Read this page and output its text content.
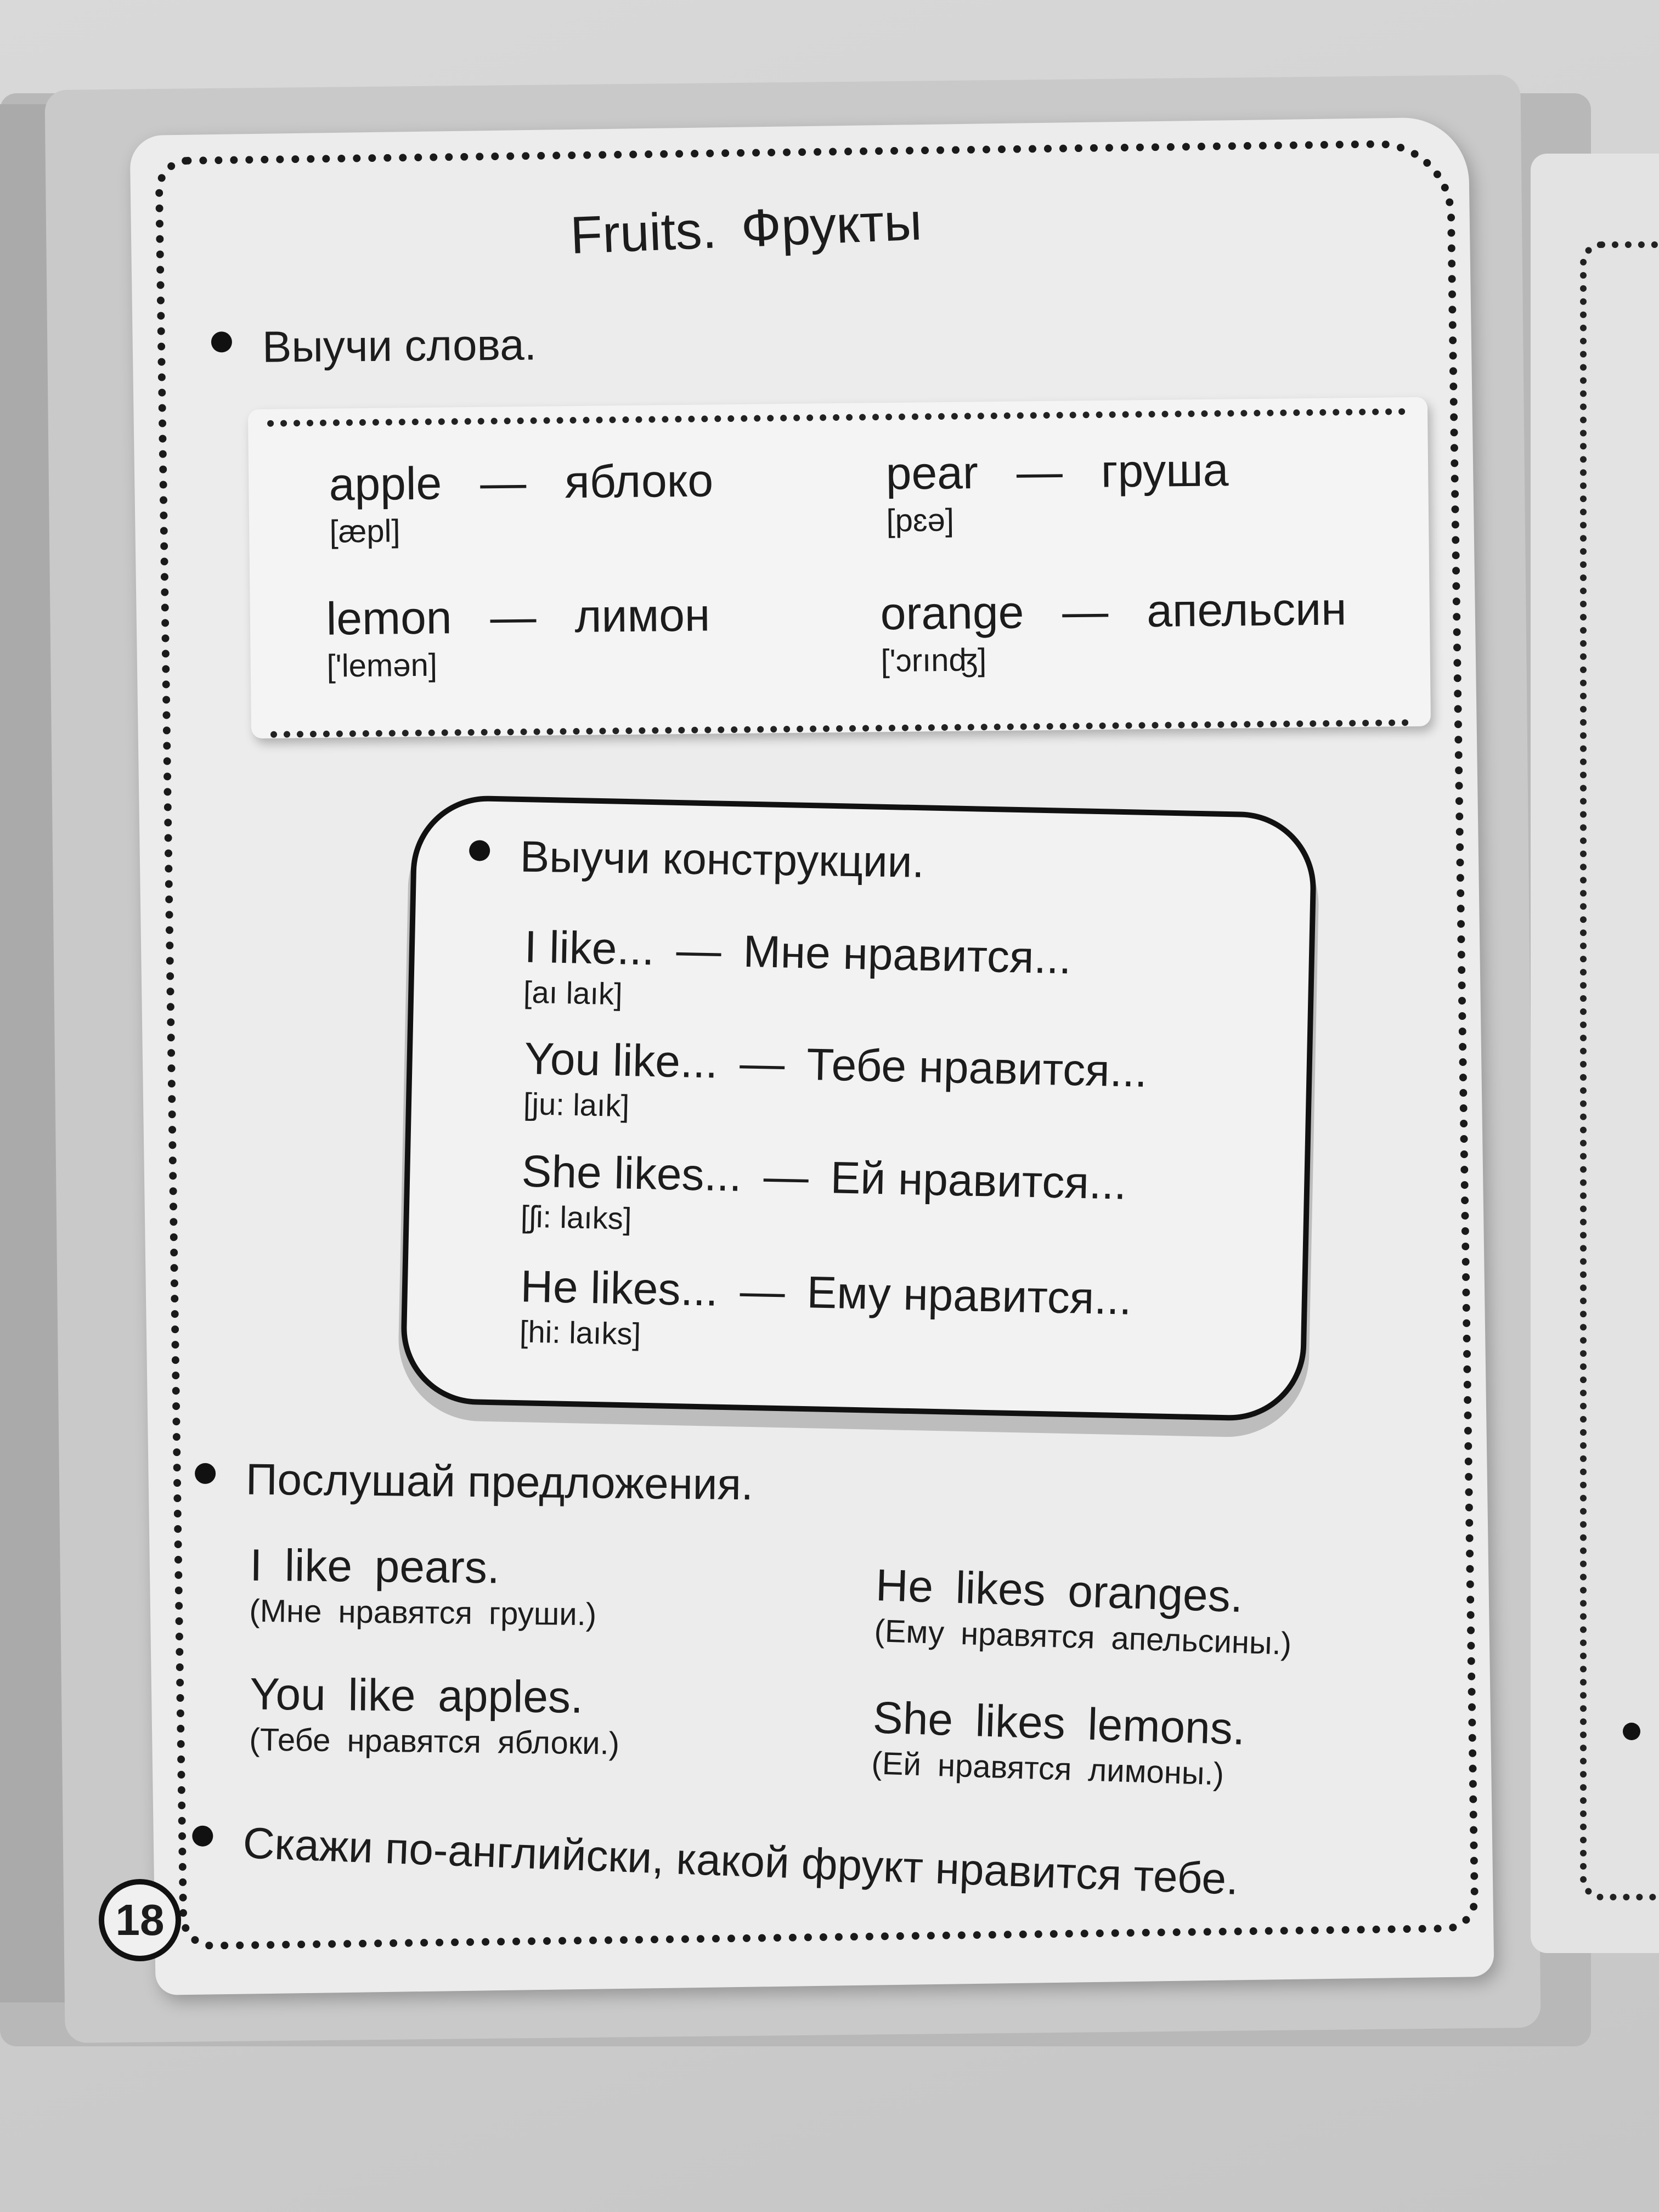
Fruits. Фрукты
Выучи слова.
apple — яблоко
[æpl]
pear — груша
[pɛə]
lemon — лимон
['lemən]
orange — апельсин
['ɔrınʤ]
Выучи конструкции.
I like... — Мне нравится...
[aı laık]
You like... — Тебе нравится...
[ju: laık]
She likes... — Ей нравится...
[ʃi: laıks]
He likes... — Ему нравится...
[hi: laıks]
Послушай предложения.
I like pears.
(Мне нравятся груши.)
You like apples.
(Тебе нравятся яблоки.)
He likes oranges.
(Ему нравятся апельсины.)
She likes lemons.
(Ей нравятся лимоны.)
Скажи по-английски, какой фрукт нравится тебе.
18
